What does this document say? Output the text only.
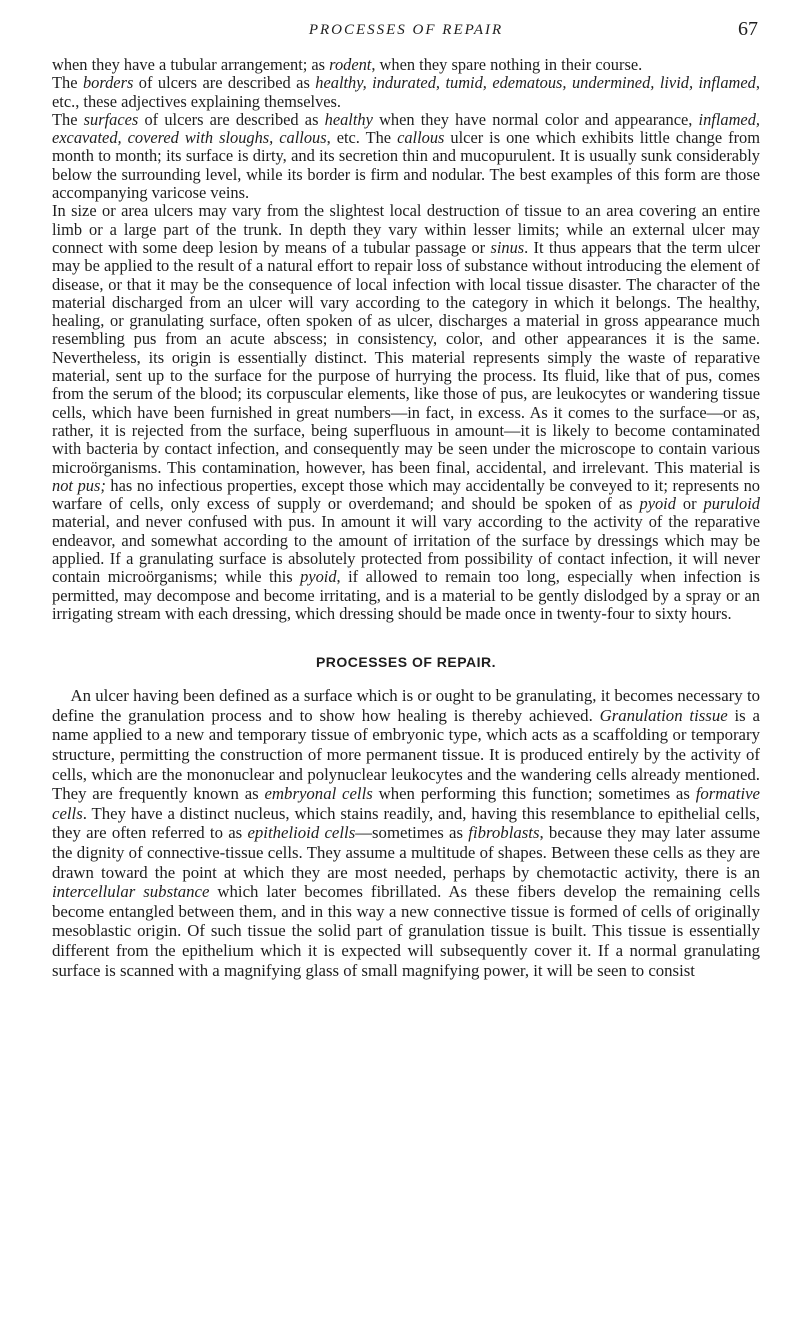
PROCESSES OF REPAIR	67

when they have a tubular arrangement; as rodent, when they spare nothing in their course.

The borders of ulcers are described as healthy, indurated, tumid, edematous, undermined, livid, inflamed, etc., these adjectives explaining themselves.

The surfaces of ulcers are described as healthy when they have normal color and appearance, inflamed, excavated, covered with sloughs, callous, etc. The callous ulcer is one which exhibits little change from month to month; its surface is dirty, and its secretion thin and mucopurulent. It is usually sunk considerably below the surrounding level, while its border is firm and nodular. The best examples of this form are those accompanying varicose veins.

In size or area ulcers may vary from the slightest local destruction of tissue to an area covering an entire limb or a large part of the trunk. In depth they vary within lesser limits; while an external ulcer may connect with some deep lesion by means of a tubular passage or sinus. It thus appears that the term ulcer may be applied to the result of a natural effort to repair loss of substance without introducing the element of disease, or that it may be the consequence of local infection with local tissue disaster. The character of the material discharged from an ulcer will vary according to the category in which it belongs. The healthy, healing, or granulating surface, often spoken of as ulcer, discharges a material in gross appearance much resembling pus from an acute abscess; in consistency, color, and other appearances it is the same. Nevertheless, its origin is essentially distinct. This material represents simply the waste of reparative material, sent up to the surface for the purpose of hurrying the process. Its fluid, like that of pus, comes from the serum of the blood; its corpuscular elements, like those of pus, are leukocytes or wandering tissue cells, which have been furnished in great numbers—in fact, in excess. As it comes to the surface—or as, rather, it is rejected from the surface, being superfluous in amount—it is likely to become contaminated with bacteria by contact infection, and consequently may be seen under the microscope to contain various microörganisms. This contamination, however, has been final, accidental, and irrelevant. This material is not pus; has no infectious properties, except those which may accidentally be conveyed to it; represents no warfare of cells, only excess of supply or overdemand; and should be spoken of as pyoid or puruloid material, and never confused with pus. In amount it will vary according to the activity of the reparative endeavor, and somewhat according to the amount of irritation of the surface by dressings which may be applied. If a granulating surface is absolutely protected from possibility of contact infection, it will never contain microörganisms; while this pyoid, if allowed to remain too long, especially when infection is permitted, may decompose and become irritating, and is a material to be gently dislodged by a spray or an irrigating stream with each dressing, which dressing should be made once in twenty-four to sixty hours.

PROCESSES OF REPAIR.

An ulcer having been defined as a surface which is or ought to be granulating, it becomes necessary to define the granulation process and to show how healing is thereby achieved. Granulation tissue is a name applied to a new and temporary tissue of embryonic type, which acts as a scaffolding or temporary structure, permitting the construction of more permanent tissue. It is produced entirely by the activity of cells, which are the mononuclear and polynuclear leukocytes and the wandering cells already mentioned. They are frequently known as embryonal cells when performing this function; sometimes as formative cells. They have a distinct nucleus, which stains readily, and, having this resemblance to epithelial cells, they are often referred to as epithelioid cells—sometimes as fibroblasts, because they may later assume the dignity of connective-tissue cells. They assume a multitude of shapes. Between these cells as they are drawn toward the point at which they are most needed, perhaps by chemotactic activity, there is an intercellular substance which later becomes fibrillated. As these fibers develop the remaining cells become entangled between them, and in this way a new connective tissue is formed of cells of originally mesoblastic origin. Of such tissue the solid part of granulation tissue is built. This tissue is essentially different from the epithelium which it is expected will subsequently cover it. If a normal granulating surface is scanned with a magnifying glass of small magnifying power, it will be seen to consist
